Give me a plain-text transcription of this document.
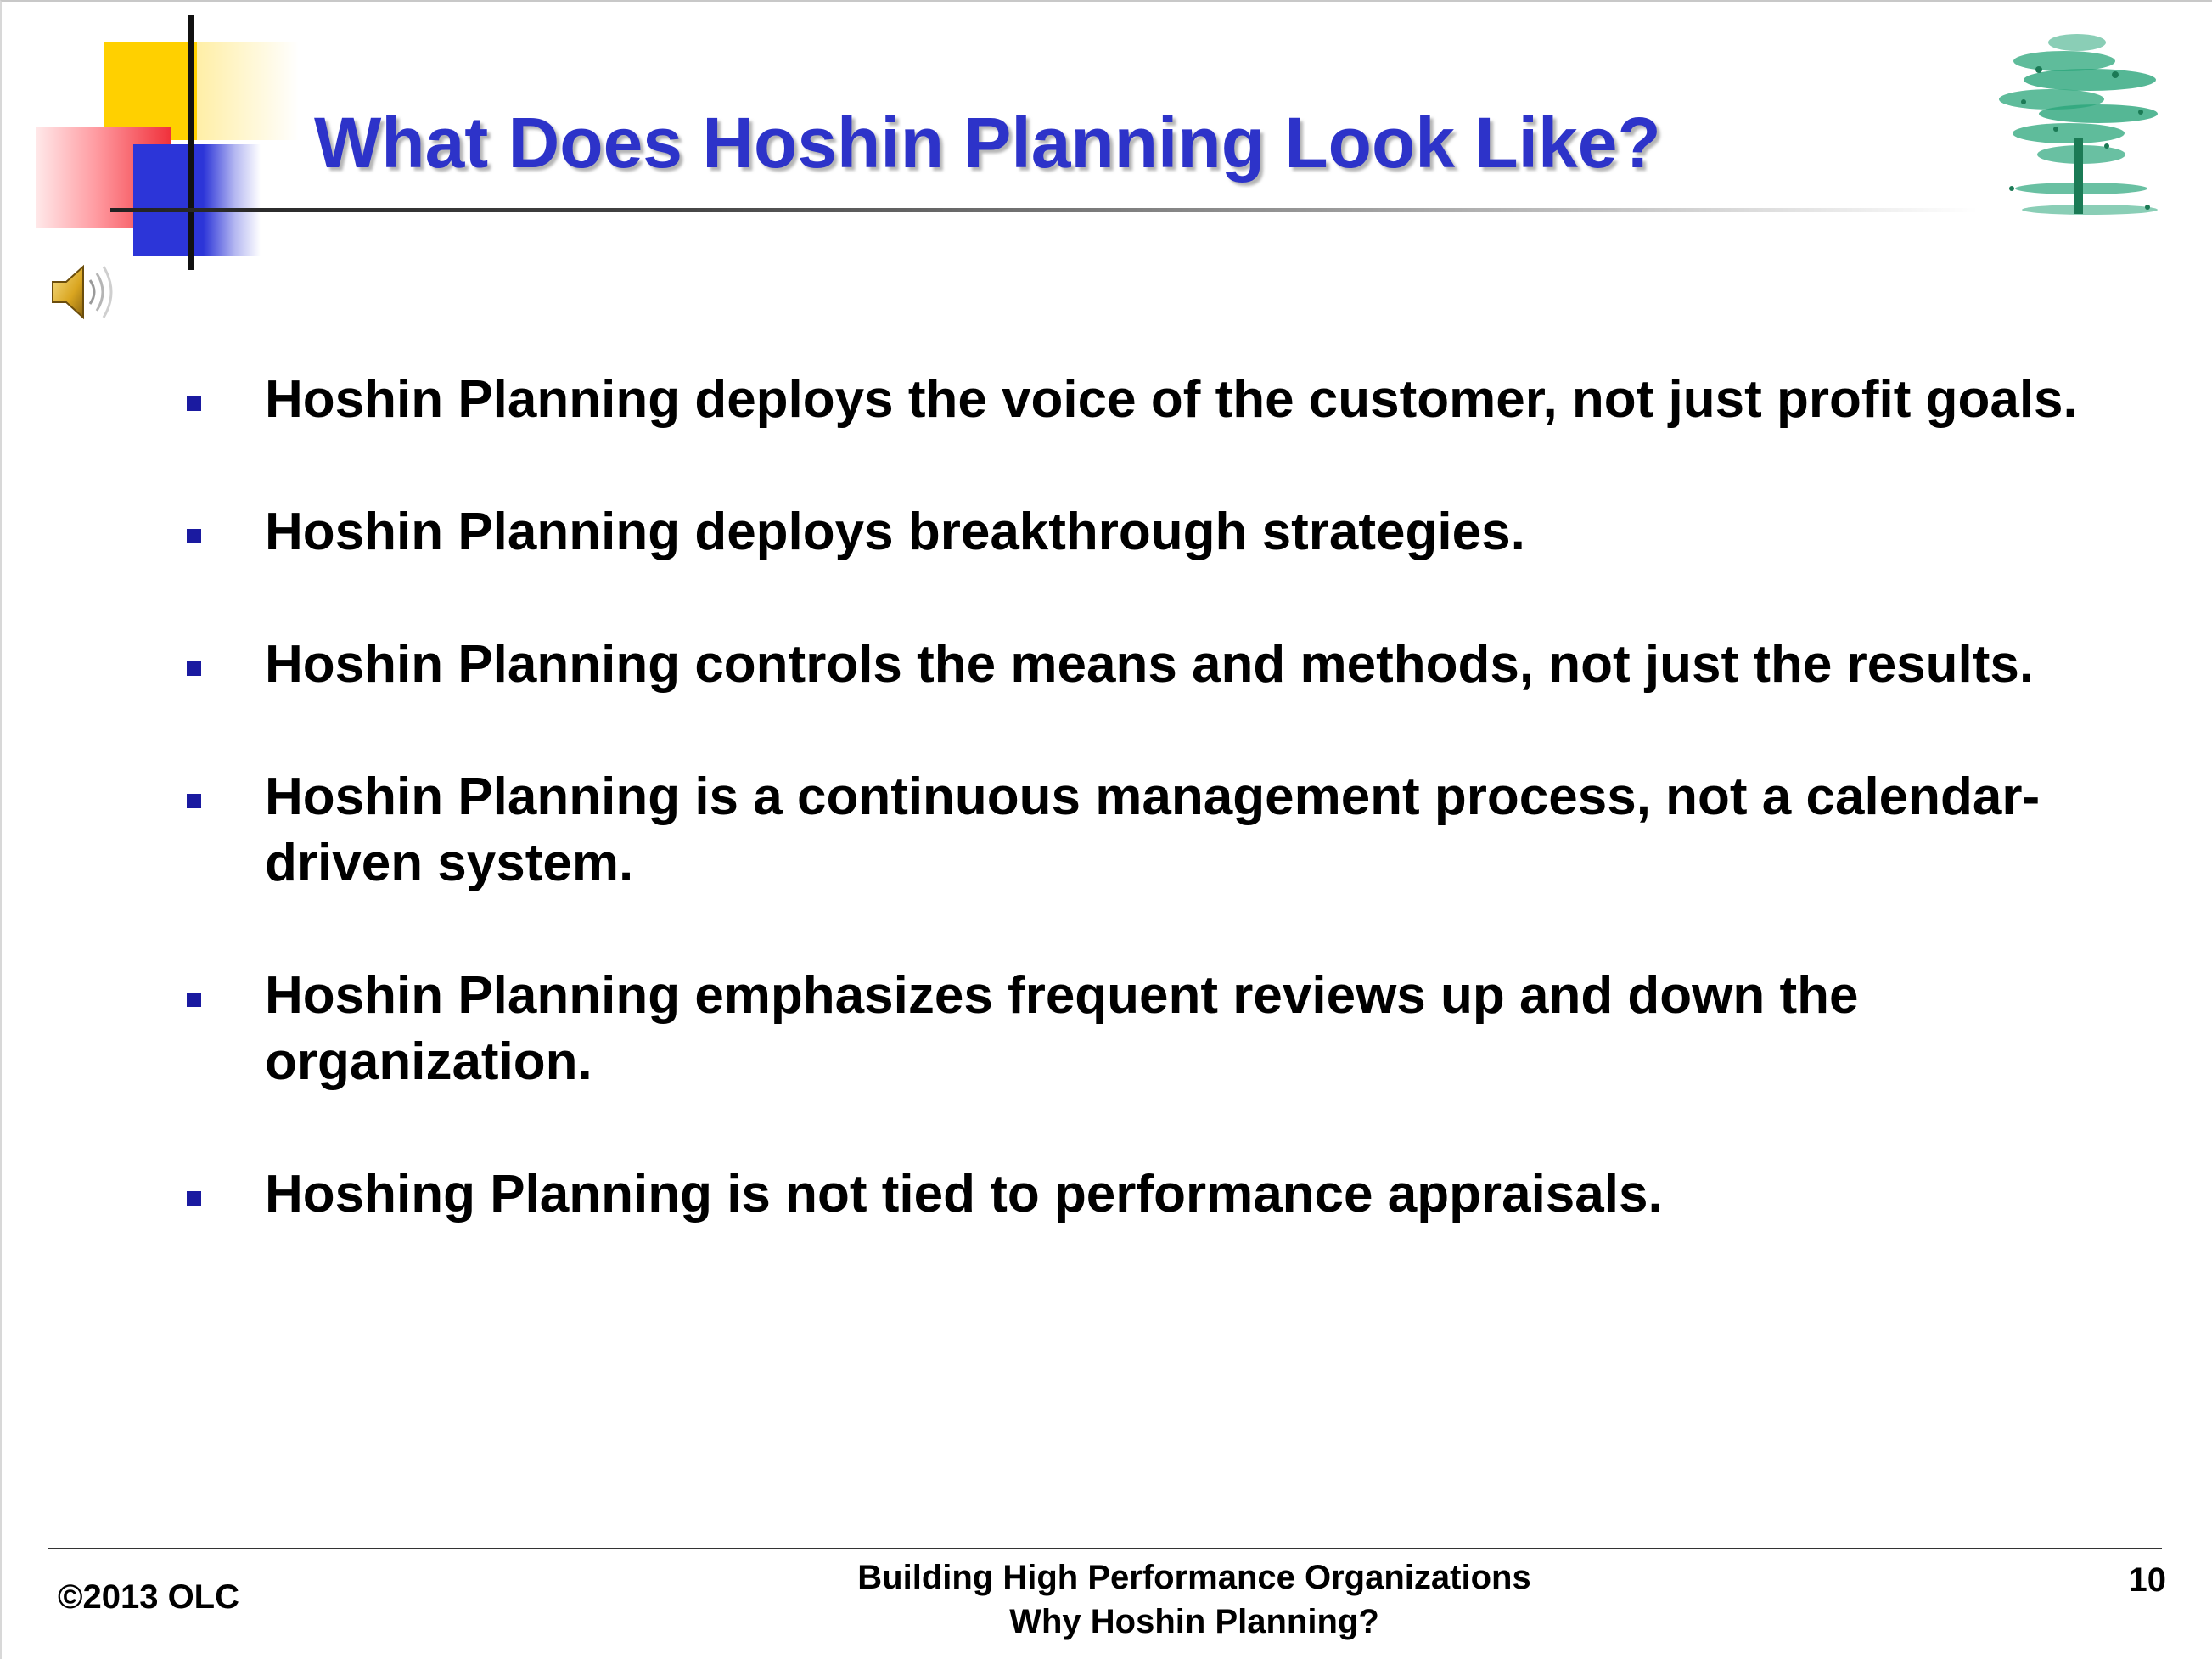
What Does Hoshin Planning Look Like?
Hoshin Planning deploys the voice of the customer, not just profit goals.
Hoshin Planning deploys breakthrough strategies.
Hoshin Planning controls the means and methods, not just the results.
Hoshin Planning is a continuous management process, not a calendar-driven system.
Hoshin Planning emphasizes frequent reviews up and down the organization.
Hoshing Planning is not tied to performance appraisals.
©2013 OLC
Building High Performance Organizations
Why Hoshin Planning?
10
